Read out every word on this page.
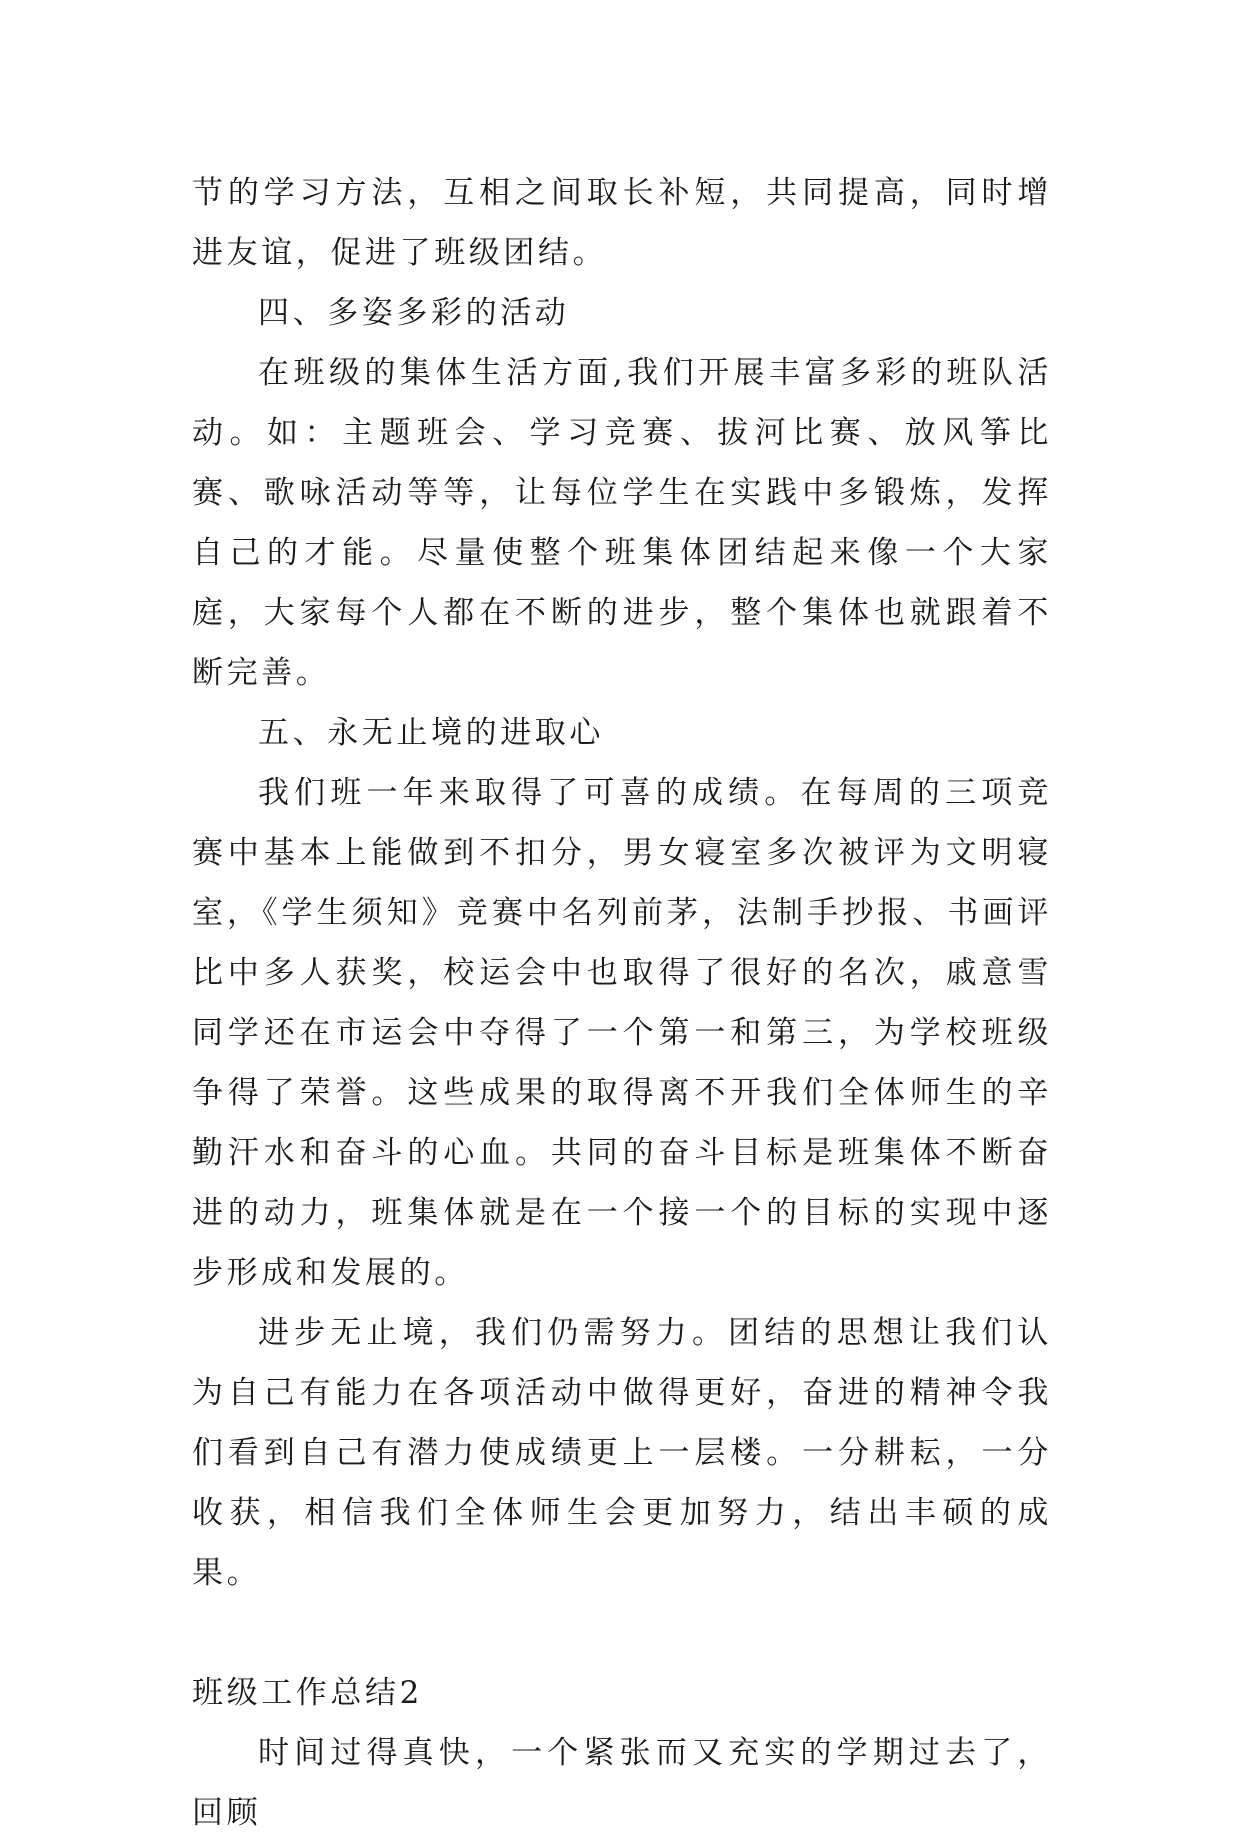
节的学习方法，互相之间取长补短，共同提高，同时增进友谊，促进了班级团结。

四、多姿多彩的活动

在班级的集体生活方面,我们开展丰富多彩的班队活动。如：主题班会、学习竞赛、拔河比赛、放风筝比赛、歌咏活动等等，让每位学生在实践中多锻炼，发挥自己的才能。尽量使整个班集体团结起来像一个大家庭，大家每个人都在不断的进步，整个集体也就跟着不断完善。

五、永无止境的进取心

我们班一年来取得了可喜的成绩。在每周的三项竞赛中基本上能做到不扣分，男女寝室多次被评为文明寝室，《学生须知》竞赛中名列前茅，法制手抄报、书画评比中多人获奖，校运会中也取得了很好的名次，戚意雪同学还在市运会中夺得了一个第一和第三，为学校班级争得了荣誉。这些成果的取得离不开我们全体师生的辛勤汗水和奋斗的心血。共同的奋斗目标是班集体不断奋进的动力，班集体就是在一个接一个的目标的实现中逐步形成和发展的。

进步无止境，我们仍需努力。团结的思想让我们认为自己有能力在各项活动中做得更好，奋进的精神令我们看到自己有潜力使成绩更上一层楼。一分耕耘，一分收获，相信我们全体师生会更加努力，结出丰硕的成果。

班级工作总结2

时间过得真快，一个紧张而又充实的学期过去了，回顾
